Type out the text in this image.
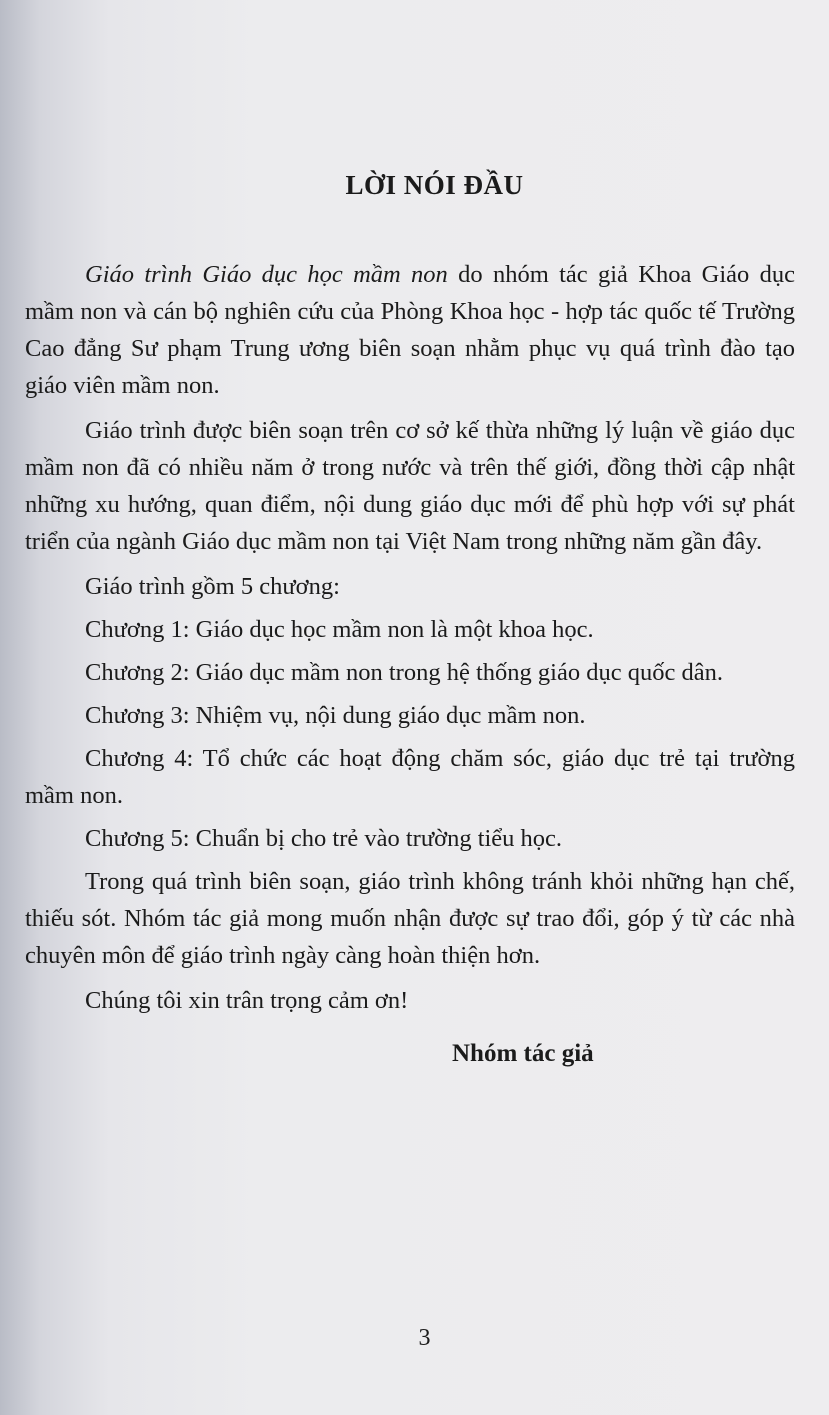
LỜI NÓI ĐẦU

Giáo trình Giáo dục học mầm non do nhóm tác giả Khoa Giáo dục mầm non và cán bộ nghiên cứu của Phòng Khoa học - hợp tác quốc tế Trường Cao đẳng Sư phạm Trung ương biên soạn nhằm phục vụ quá trình đào tạo giáo viên mầm non.

Giáo trình được biên soạn trên cơ sở kế thừa những lý luận về giáo dục mầm non đã có nhiều năm ở trong nước và trên thế giới, đồng thời cập nhật những xu hướng, quan điểm, nội dung giáo dục mới để phù hợp với sự phát triển của ngành Giáo dục mầm non tại Việt Nam trong những năm gần đây.

Giáo trình gồm 5 chương:

Chương 1: Giáo dục học mầm non là một khoa học.

Chương 2: Giáo dục mầm non trong hệ thống giáo dục quốc dân.

Chương 3: Nhiệm vụ, nội dung giáo dục mầm non.

Chương 4: Tổ chức các hoạt động chăm sóc, giáo dục trẻ tại trường mầm non.

Chương 5: Chuẩn bị cho trẻ vào trường tiểu học.

Trong quá trình biên soạn, giáo trình không tránh khỏi những hạn chế, thiếu sót. Nhóm tác giả mong muốn nhận được sự trao đổi, góp ý từ các nhà chuyên môn để giáo trình ngày càng hoàn thiện hơn.

Chúng tôi xin trân trọng cảm ơn!

Nhóm tác giả
3
